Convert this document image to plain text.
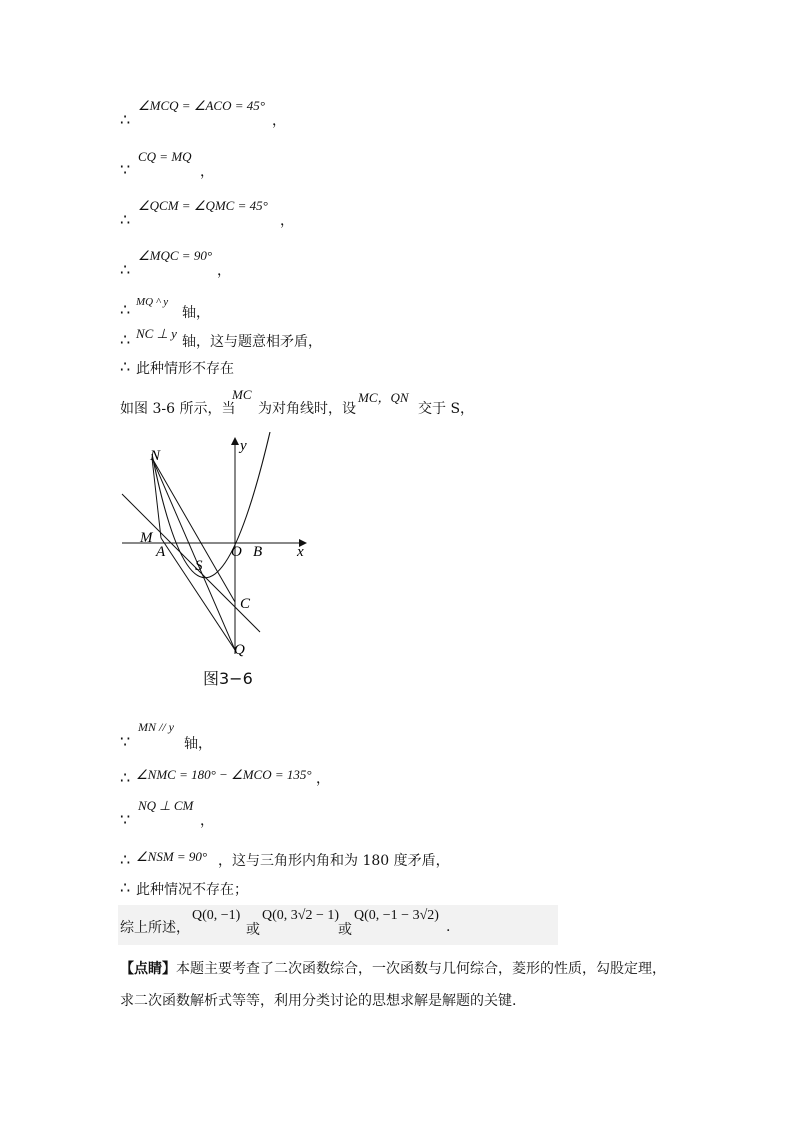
∴
∠MCQ = ∠ACO = 45°
，
∵
CQ = MQ
，
∴
∠QCM = ∠QMC = 45°
，
∴
∠MQC = 90°
，
∴ MQ ^ y
轴，
∴ NC ⊥ y
轴，这与题意相矛盾，
∴ 此种情形不存在
如图 3-6 所示，当
MC
为对角线时，设
MC，QN
交于 S，
N
M
A
S
O B x
y
C
Q
图3−6
∵
MN // y
轴，
∴ ∠NMC = 180° − ∠MCO = 135° ，
∵
NQ ⊥ CM
，
∴ ∠NSM = 90° ，这与三角形内角和为 180 度矛盾，
∴ 此种情况不存在；
综上所述，
Q(0, −1)
或
Q(0, 3√2 − 1)
或
Q(0, −1 − 3√2)
.
【点睛】 本题主要考查了二次函数综合，一次函数与几何综合，菱形的性质，勾股定理，
求二次函数解析式等等，利用分类讨论的思想求解是解题的关键.
